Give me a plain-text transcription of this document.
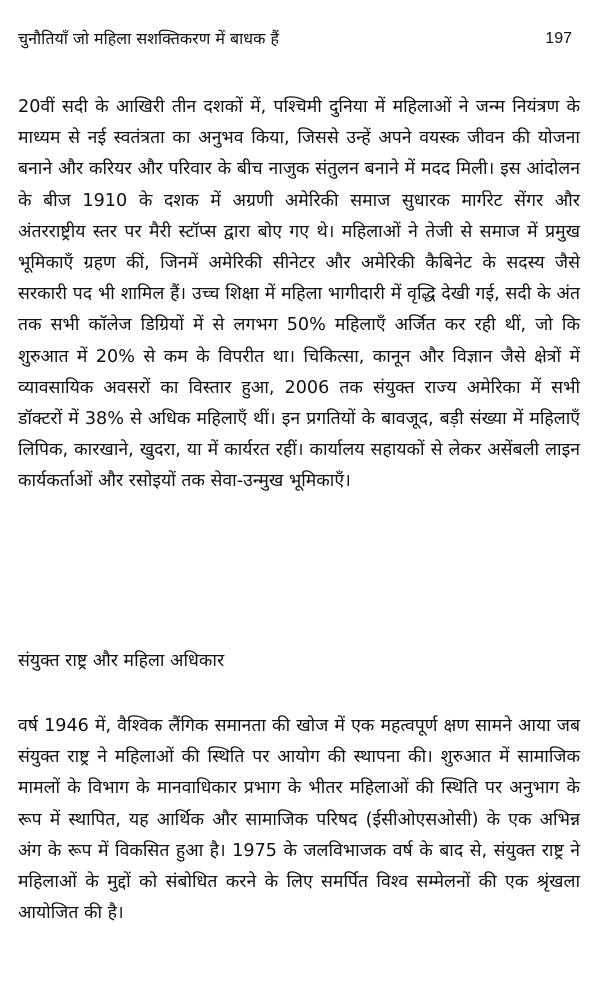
चुनौतियाँ जो महिला सशक्तिकरण में बाधक हैं	197

20वीं सदी के आखिरी तीन दशकों में, पश्चिमी दुनिया में महिलाओं ने जन्म नियंत्रण के माध्यम से नई स्वतंत्रता का अनुभव किया, जिससे उन्हें अपने वयस्क जीवन की योजना बनाने और करियर और परिवार के बीच नाजुक संतुलन बनाने में मदद मिली। इस आंदोलन के बीज 1910 के दशक में अग्रणी अमेरिकी समाज सुधारक मार्गरेट सेंगर और अंतरराष्ट्रीय स्तर पर मैरी स्टॉप्स द्वारा बोए गए थे। महिलाओं ने तेजी से समाज में प्रमुख भूमिकाएँ ग्रहण कीं, जिनमें अमेरिकी सीनेटर और अमेरिकी कैबिनेट के सदस्य जैसे सरकारी पद भी शामिल हैं। उच्च शिक्षा में महिला भागीदारी में वृद्धि देखी गई, सदी के अंत तक सभी कॉलेज डिग्रियों में से लगभग 50% महिलाएँ अर्जित कर रही थीं, जो कि शुरुआत में 20% से कम के विपरीत था। चिकित्सा, कानून और विज्ञान जैसे क्षेत्रों में व्यावसायिक अवसरों का विस्तार हुआ, 2006 तक संयुक्त राज्य अमेरिका में सभी डॉक्टरों में 38% से अधिक महिलाएँ थीं। इन प्रगतियों के बावजूद, बड़ी संख्या में महिलाएँ लिपिक, कारखाने, खुदरा, या में कार्यरत रहीं। कार्यालय सहायकों से लेकर असेंबली लाइन कार्यकर्ताओं और रसोइयों तक सेवा-उन्मुख भूमिकाएँ।

संयुक्त राष्ट्र और महिला अधिकार

वर्ष 1946 में, वैश्विक लैंगिक समानता की खोज में एक महत्वपूर्ण क्षण सामने आया जब संयुक्त राष्ट्र ने महिलाओं की स्थिति पर आयोग की स्थापना की। शुरुआत में सामाजिक मामलों के विभाग के मानवाधिकार प्रभाग के भीतर महिलाओं की स्थिति पर अनुभाग के रूप में स्थापित, यह आर्थिक और सामाजिक परिषद (ईसीओएसओसी) के एक अभिन्न अंग के रूप में विकसित हुआ है। 1975 के जलविभाजक वर्ष के बाद से, संयुक्त राष्ट्र ने महिलाओं के मुद्दों को संबोधित करने के लिए समर्पित विश्व सम्मेलनों की एक श्रृंखला आयोजित की है।
